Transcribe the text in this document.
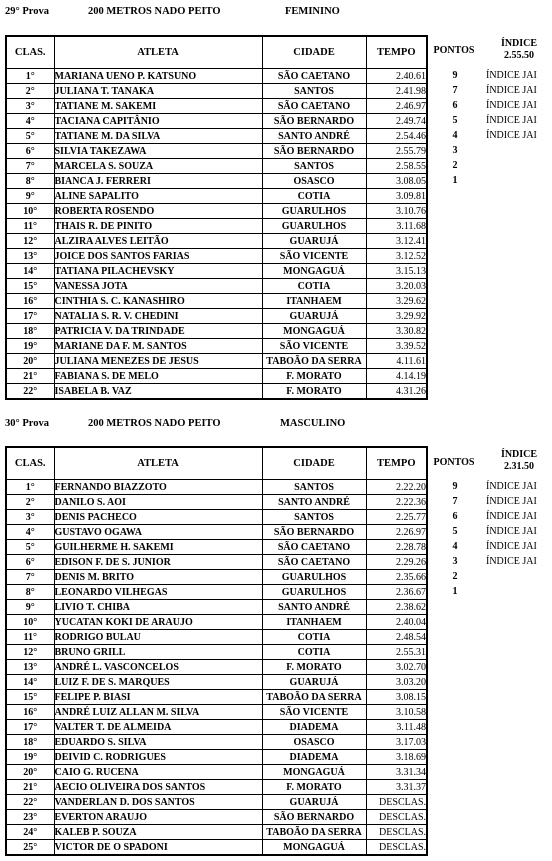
29° Prova	200 METROS NADO PEITO	FEMININO
PONTOS
ÍNDICE
2.55.50
CLAS.	ATLETA	CIDADE	TEMPO
1°	MARIANA UENO P. KATSUNO	SÃO CAETANO	2.40.61
2°	JULIANA T. TANAKA	SANTOS	2.41.98
3°	TATIANE M. SAKEMI	SÃO CAETANO	2.46.97
4°	TACIANA CAPITÂNIO	SÃO BERNARDO	2.49.74
5°	TATIANE M. DA SILVA	SANTO ANDRÉ	2.54.46
6°	SILVIA TAKEZAWA	SÃO BERNARDO	2.55.79
7°	MARCELA S. SOUZA	SANTOS	2.58.55
8°	BIANCA J. FERRERI	OSASCO	3.08.05
9°	ALINE SAPALITO	COTIA	3.09.81
10°	ROBERTA ROSENDO	GUARULHOS	3.10.76
11°	THAIS R. DE PINITO	GUARULHOS	3.11.68
12°	ALZIRA ALVES LEITÃO	GUARUJÁ	3.12.41
13°	JOICE DOS SANTOS FARIAS	SÃO VICENTE	3.12.52
14°	TATIANA PILACHEVSKY	MONGAGUÁ	3.15.13
15°	VANESSA JOTA	COTIA	3.20.03
16°	CINTHIA S. C. KANASHIRO	ITANHAEM	3.29.62
17°	NATALIA S. R. V. CHEDINI	GUARUJÁ	3.29.92
18°	PATRICIA V. DA TRINDADE	MONGAGUÁ	3.30.82
19°	MARIANE DA F. M. SANTOS	SÃO VICENTE	3.39.52
20°	JULIANA MENEZES DE JESUS	TABOÃO DA SERRA	4.11.61
21°	FABIANA S. DE MELO	F. MORATO	4.14.19
22°	ISABELA B. VAZ	F. MORATO	4.31.26
9	ÍNDICE JAI
7	ÍNDICE JAI
6	ÍNDICE JAI
5	ÍNDICE JAI
4	ÍNDICE JAI
3
2
1
30° Prova	200 METROS NADO PEITO	MASCULINO
PONTOS
ÍNDICE
2.31.50
CLAS.	ATLETA	CIDADE	TEMPO
1°	FERNANDO BIAZZOTO	SANTOS	2.22.20
2°	DANILO S. AOI	SANTO ANDRÉ	2.22.36
3°	DENIS PACHECO	SANTOS	2.25.77
4°	GUSTAVO OGAWA	SÃO BERNARDO	2.26.97
5°	GUILHERME H. SAKEMI	SÃO CAETANO	2.28.78
6°	EDISON F. DE S. JUNIOR	SÃO CAETANO	2.29.26
7°	DENIS M. BRITO	GUARULHOS	2.35.66
8°	LEONARDO VILHEGAS	GUARULHOS	2.36.67
9°	LIVIO T. CHIBA	SANTO ANDRÉ	2.38.62
10°	YUCATAN KOKI DE ARAUJO	ITANHAEM	2.40.04
11°	RODRIGO BULAU	COTIA	2.48.54
12°	BRUNO GRILL	COTIA	2.55.31
13°	ANDRÉ L. VASCONCELOS	F. MORATO	3.02.70
14°	LUIZ F. DE S. MARQUES	GUARUJÁ	3.03.20
15°	FELIPE P. BIASI	TABOÃO DA SERRA	3.08.15
16°	ANDRÉ LUIZ ALLAN M. SILVA	SÃO VICENTE	3.10.58
17°	VALTER T. DE ALMEIDA	DIADEMA	3.11.48
18°	EDUARDO S. SILVA	OSASCO	3.17.03
19°	DEIVID C. RODRIGUES	DIADEMA	3.18.69
20°	CAIO G. RUCENA	MONGAGUÁ	3.31.34
21°	AECIO OLIVEIRA DOS SANTOS	F. MORATO	3.31.37
22°	VANDERLAN D. DOS SANTOS	GUARUJÁ	DESCLAS.
23°	EVERTON ARAUJO	SÃO BERNARDO	DESCLAS.
24°	KALEB P. SOUZA	TABOÃO DA SERRA	DESCLAS.
25°	VICTOR DE O SPADONI	MONGAGUÁ	DESCLAS.
9	ÍNDICE JAI
7	ÍNDICE JAI
6	ÍNDICE JAI
5	ÍNDICE JAI
4	ÍNDICE JAI
3	ÍNDICE JAI
2
1
